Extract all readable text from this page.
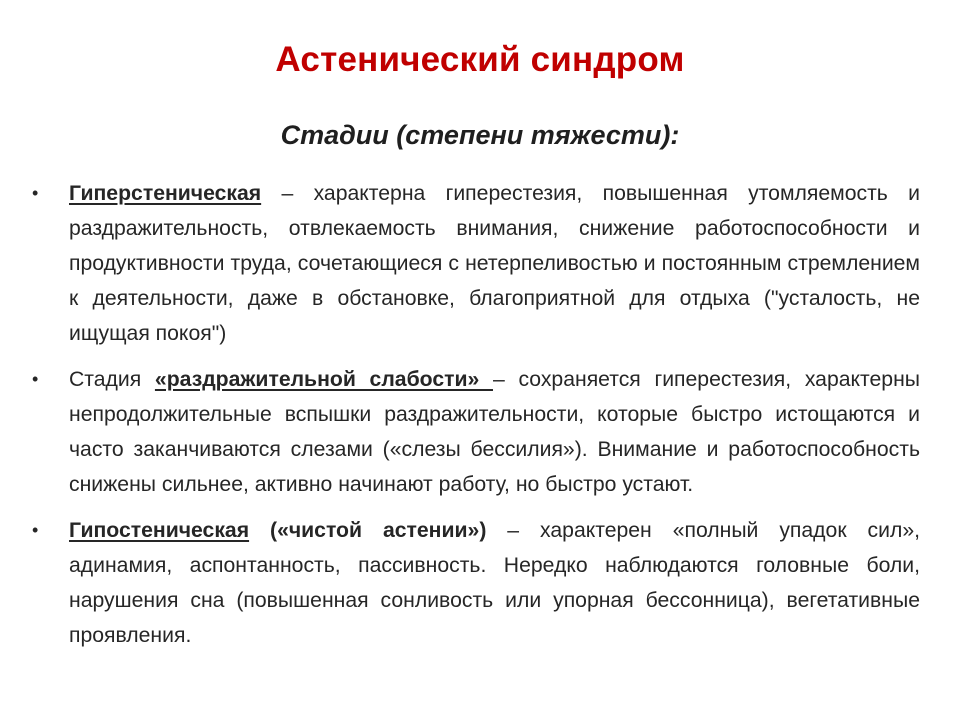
Астенический синдром
Стадии (степени тяжести):
• Гиперстеническая – характерна гиперестезия, повышенная утомляемость и раздражительность, отвлекаемость внимания, снижение работоспособности и продуктивности труда, сочетающиеся с нетерпеливостью и постоянным стремлением к деятельности, даже в обстановке, благоприятной для отдыха ("усталость, не ищущая покоя")
• Стадия «раздражительной слабости» – сохраняется гиперестезия, характерны непродолжительные вспышки раздражительности, которые быстро истощаются и часто заканчиваются слезами («слезы бессилия»). Внимание и работоспособность снижены сильнее, активно начинают работу, но быстро устают.
• Гипостеническая («чистой астении») – характерен «полный упадок сил», адинамия, аспонтанность, пассивность. Нередко наблюдаются головные боли, нарушения сна (повышенная сонливость или упорная бессонница), вегетативные проявления.
